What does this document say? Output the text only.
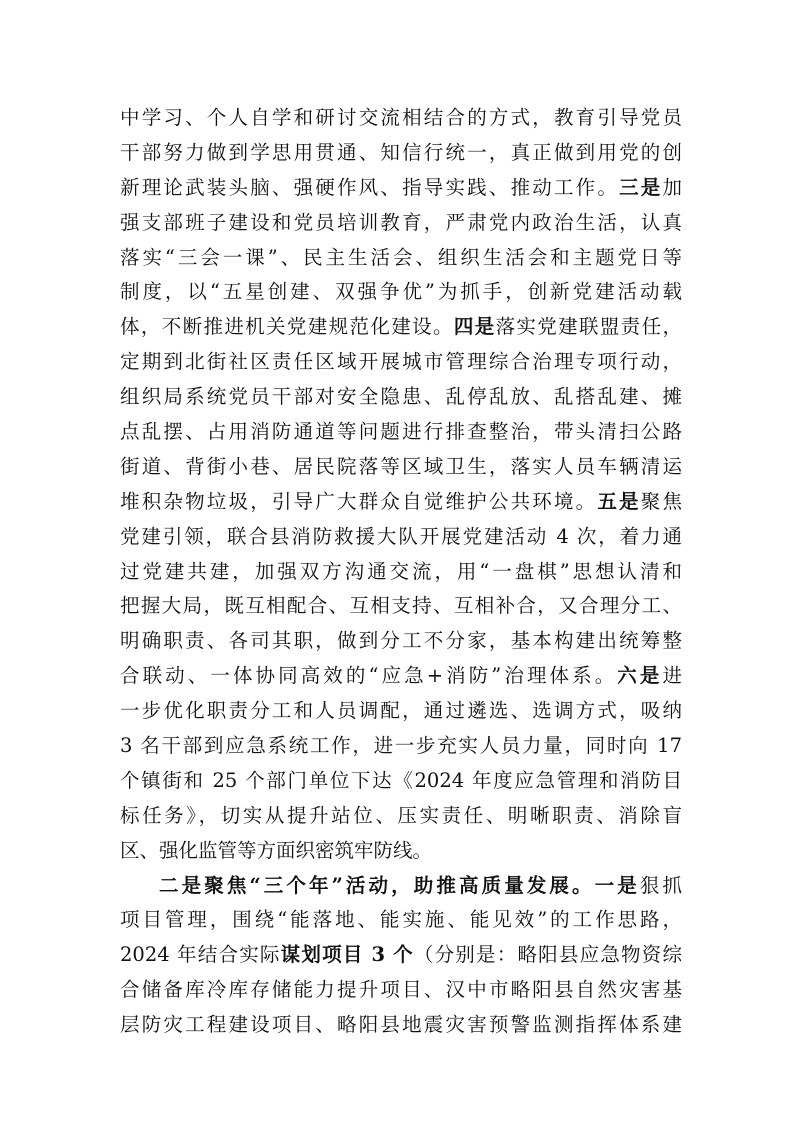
中学习、个人自学和研讨交流相结合的方式，教育引导党员
干部努力做到学思用贯通、知信行统一，真正做到用党的创
新理论武装头脑、强硬作风、指导实践、推动工作。三是加
强支部班子建设和党员培训教育，严肃党内政治生活，认真
落实“三会一课”、民主生活会、组织生活会和主题党日等
制度，以“五星创建、双强争优”为抓手，创新党建活动载
体，不断推进机关党建规范化建设。四是落实党建联盟责任，
定期到北街社区责任区域开展城市管理综合治理专项行动，
组织局系统党员干部对安全隐患、乱停乱放、乱搭乱建、摊
点乱摆、占用消防通道等问题进行排查整治，带头清扫公路
街道、背街小巷、居民院落等区域卫生，落实人员车辆清运
堆积杂物垃圾，引导广大群众自觉维护公共环境。五是聚焦
党建引领，联合县消防救援大队开展党建活动 4 次，着力通
过党建共建，加强双方沟通交流，用“一盘棋”思想认清和
把握大局，既互相配合、互相支持、互相补合，又合理分工、
明确职责、各司其职，做到分工不分家，基本构建出统筹整
合联动、一体协同高效的“应急+消防”治理体系。六是进
一步优化职责分工和人员调配，通过遴选、选调方式，吸纳
3 名干部到应急系统工作，进一步充实人员力量，同时向 17
个镇街和 25 个部门单位下达《2024 年度应急管理和消防目
标任务》，切实从提升站位、压实责任、明晰职责、消除盲
区、强化监管等方面织密筑牢防线。
二是聚焦“三个年”活动，助推高质量发展。一是狠抓
项目管理，围绕“能落地、能实施、能见效”的工作思路，
2024 年结合实际谋划项目 3 个（分别是：略阳县应急物资综
合储备库冷库存储能力提升项目、汉中市略阳县自然灾害基
层防灾工程建设项目、略阳县地震灾害预警监测指挥体系建
